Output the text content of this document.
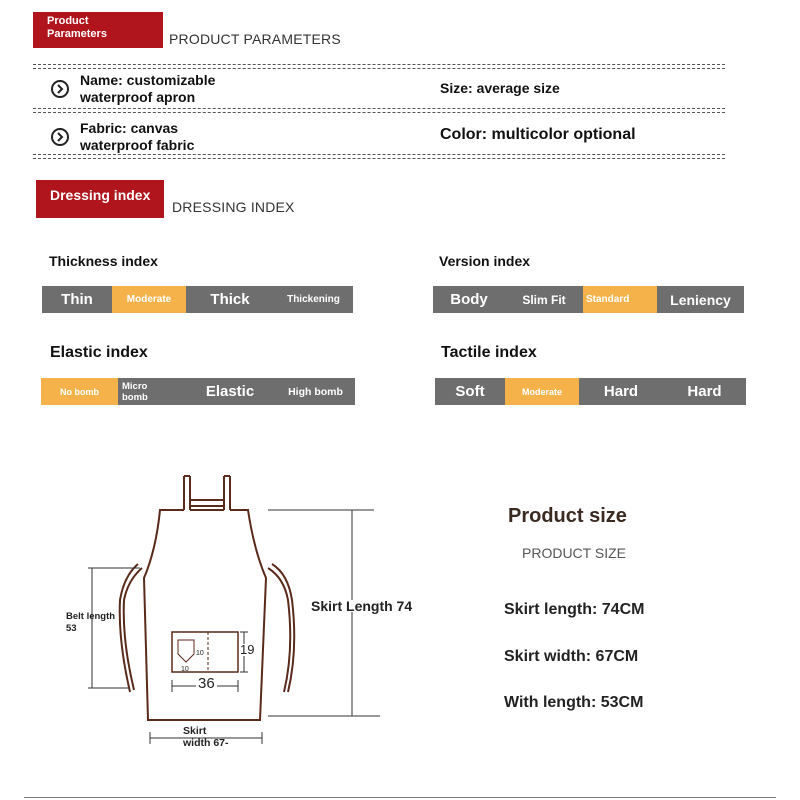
Product
Parameters	PRODUCT PARAMETERS
Name: customizable
waterproof apron
Size: average size
Fabric: canvas
waterproof fabric
Color: multicolor optional
Dressing index
DRESSING INDEX
Thickness index
Thin	Moderate	Thick	Thickening
Version index
Body	Slim Fit	Standard	Leniency
Elastic index
No bomb	Micro
bomb	Elastic	High bomb
Tactile index
Soft	Moderate	Hard	Hard
Belt length
53
Skirt Length 74
Skirt
width 67-
36
19
10
10
Product size
PRODUCT SIZE
Skirt length: 74CM
Skirt width: 67CM
With length: 53CM
